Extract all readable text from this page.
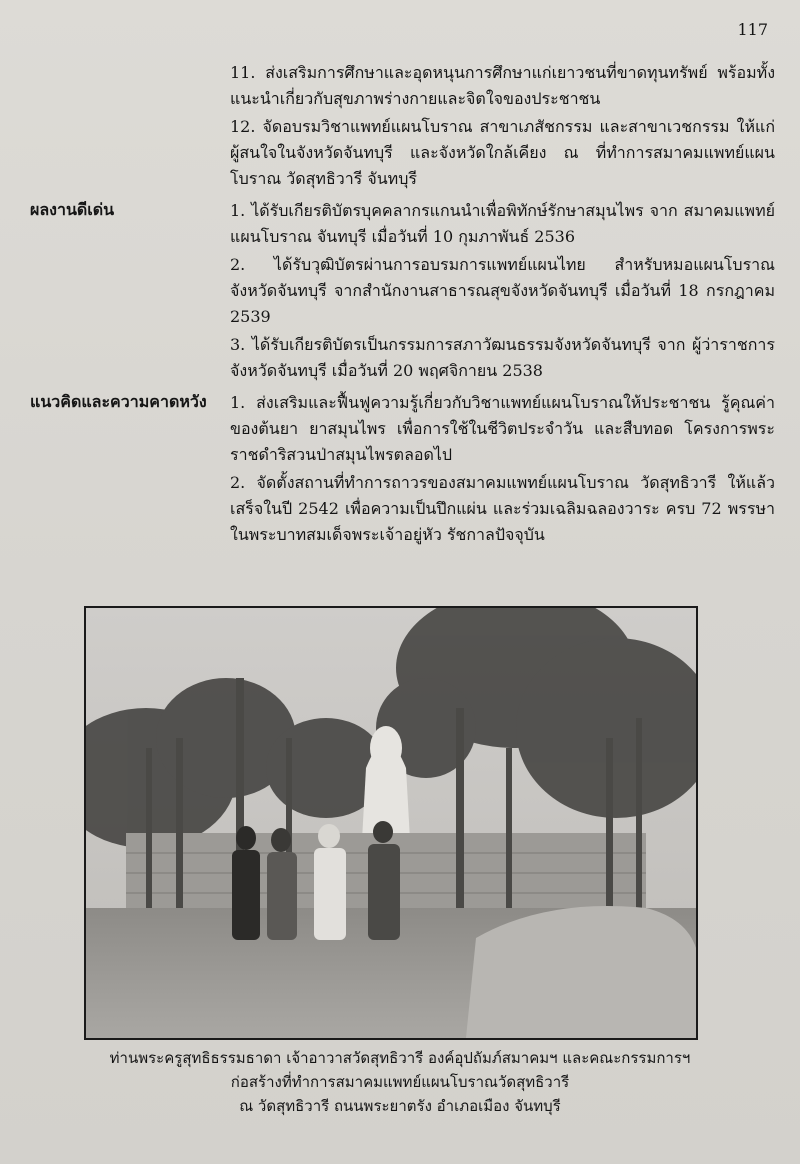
117

11. ส่งเสริมการศึกษาและอุดหนุนการศึกษาแก่เยาวชนที่ขาดทุนทรัพย์ พร้อมทั้งแนะนำเกี่ยวกับสุขภาพร่างกายและจิตใจของประชาชน

12. จัดอบรมวิชาแพทย์แผนโบราณ สาขาเภสัชกรรม และสาขาเวชกรรม ให้แก่ผู้สนใจในจังหวัดจันทบุรี และจังหวัดใกล้เคียง ณ ที่ทำการสมาคมแพทย์แผนโบราณ วัดสุทธิวารี จันทบุรี

ผลงานดีเด่น	1. ได้รับเกียรติบัตรบุคคลากรแกนนำเพื่อพิทักษ์รักษาสมุนไพร จาก สมาคมแพทย์แผนโบราณ จันทบุรี เมื่อวันที่ 10 กุมภาพันธ์ 2536

2. ได้รับวุฒิบัตรผ่านการอบรมการแพทย์แผนไทย สำหรับหมอแผนโบราณ จังหวัดจันทบุรี จากสำนักงานสาธารณสุขจังหวัดจันทบุรี เมื่อวันที่ 18 กรกฎาคม 2539

3. ได้รับเกียรติบัตรเป็นกรรมการสภาวัฒนธรรมจังหวัดจันทบุรี จาก ผู้ว่าราชการจังหวัดจันทบุรี เมื่อวันที่ 20 พฤศจิกายน 2538

แนวคิดและความคาดหวัง 1. ส่งเสริมและฟื้นฟูความรู้เกี่ยวกับวิชาแพทย์แผนโบราณให้ประชาชน รู้คุณค่าของต้นยา ยาสมุนไพร เพื่อการใช้ในชีวิตประจำวัน และสืบทอด โครงการพระราชดำริสวนป่าสมุนไพรตลอดไป

2. จัดตั้งสถานที่ทำการถาวรของสมาคมแพทย์แผนโบราณ วัดสุทธิวารี ให้แล้วเสร็จในปี 2542 เพื่อความเป็นปึกแผ่น และร่วมเฉลิมฉลองวาระ ครบ 72 พรรษา ในพระบาทสมเด็จพระเจ้าอยู่หัว รัชกาลปัจจุบัน

ท่านพระครูสุทธิธรรมธาดา เจ้าอาวาสวัดสุทธิวารี องค์อุปถัมภ์สมาคมฯ และคณะกรรมการฯ
ก่อสร้างที่ทำการสมาคมแพทย์แผนโบราณวัดสุทธิวารี
ณ วัดสุทธิวารี ถนนพระยาตรัง อำเภอเมือง จันทบุรี
